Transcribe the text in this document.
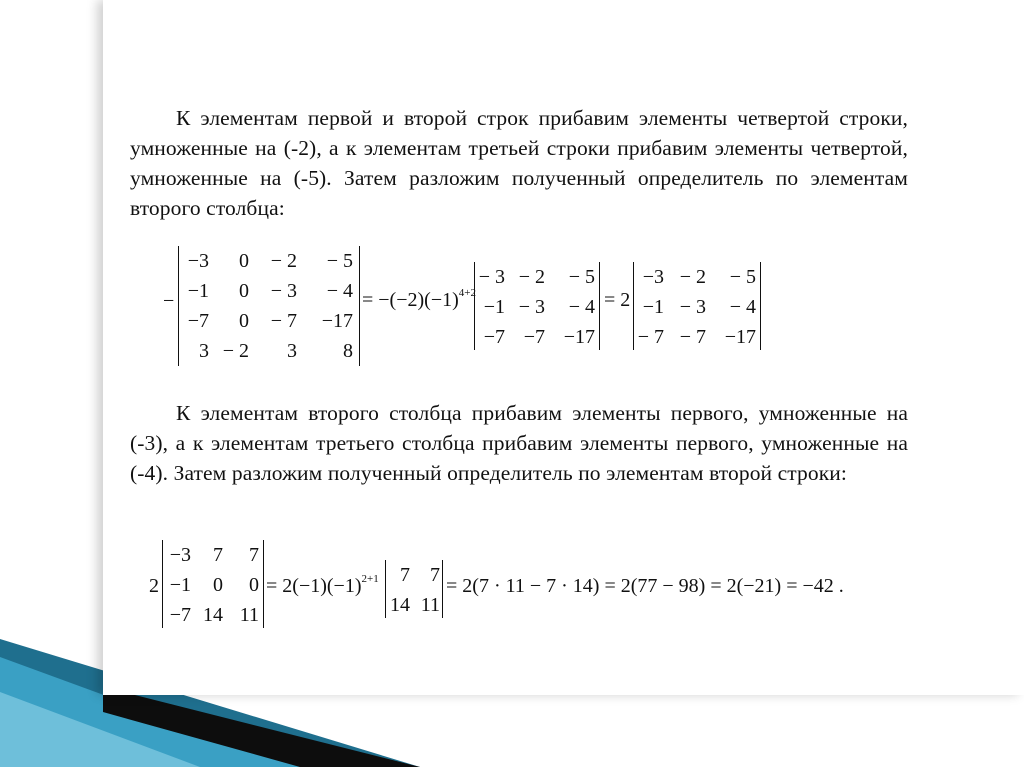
К элементам первой и второй строк прибавим элементы четвертой строки, умноженные на (-2), а к элементам третьей строки прибавим элементы четвертой, умноженные на (-5). Затем разложим полученный определитель по элементам второго столбца:
−
−3	0	− 2	− 5
−1	0	− 3	− 4
−7	0	− 7	−17
3	− 2	3	8
= $-(-2)(-1)^{4+2}$
− 3	− 2	− 5
−1	− 3	− 4
−7	−7	−17
= 2
−3	− 2	− 5
−1	− 3	− 4
− 7	− 7	−17
К элементам второго столбца прибавим элементы первого, умноженные на (-3), а к элементам третьего столбца прибавим элементы первого, умноженные на (-4). Затем разложим полученный определитель по элементам второй строки:
2
−3	7	7
−1	0	0
−7	14	11
= $2(-1)(-1)^{2+1}$ 7	7
14	11
= 2(7 · 11 − 7 · 14) = 2(77 − 98) = 2(−21) = −42 .
